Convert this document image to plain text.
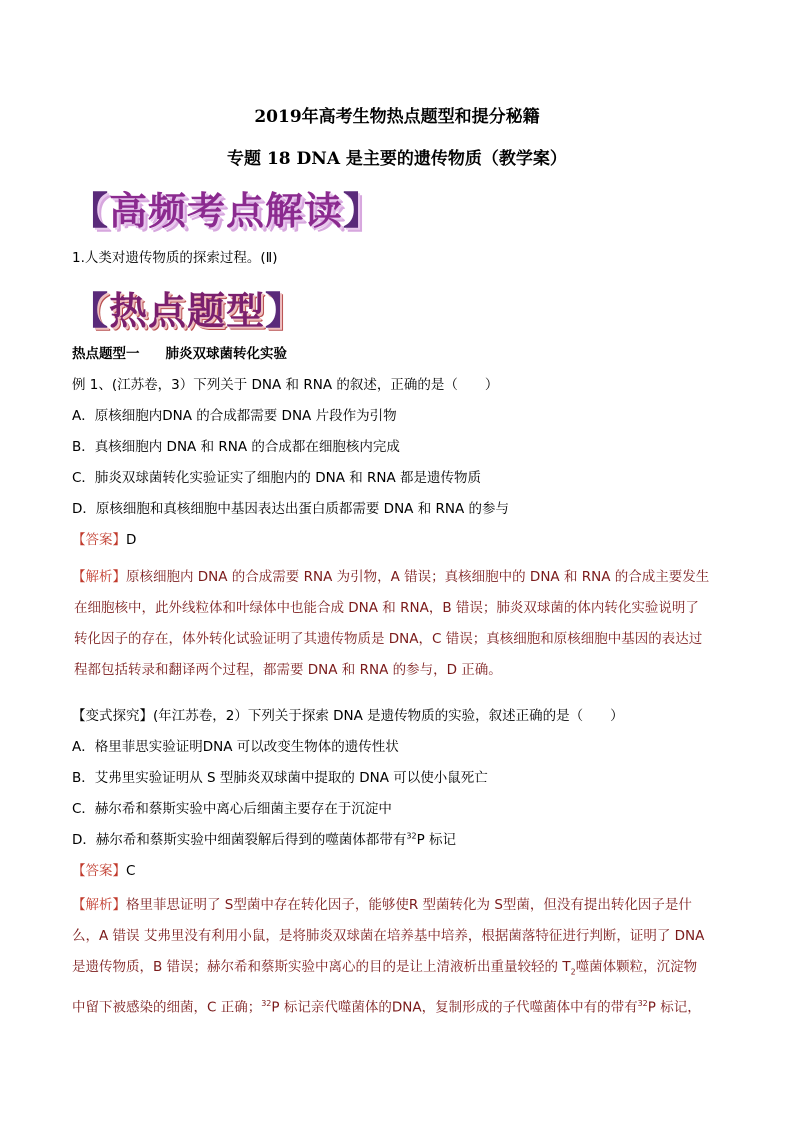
2019年高考生物热点题型和提分秘籍
专题 18 DNA 是主要的遗传物质（教学案）
【高频考点解读】
1.人类对遗传物质的探索过程。(Ⅱ)
【热点题型】
热点题型一 肺炎双球菌转化实验
例 1、(江苏卷，3）下列关于 DNA 和 RNA 的叙述，正确的是（　　）
A．原核细胞内DNA 的合成都需要 DNA 片段作为引物
B．真核细胞内 DNA 和 RNA 的合成都在细胞核内完成
C．肺炎双球菌转化实验证实了细胞内的 DNA 和 RNA 都是遗传物质
D．原核细胞和真核细胞中基因表达出蛋白质都需要 DNA 和 RNA 的参与
【答案】D
【解析】原核细胞内 DNA 的合成需要 RNA 为引物，A 错误；真核细胞中的 DNA 和 RNA 的合成主要发生
在细胞核中，此外线粒体和叶绿体中也能合成 DNA 和 RNA，B 错误；肺炎双球菌的体内转化实验说明了
转化因子的存在，体外转化试验证明了其遗传物质是 DNA，C 错误；真核细胞和原核细胞中基因的表达过
程都包括转录和翻译两个过程，都需要 DNA 和 RNA 的参与，D 正确。
【变式探究】(年江苏卷，2）下列关于探索 DNA 是遗传物质的实验，叙述正确的是（　　）
A．格里菲思实验证明DNA 可以改变生物体的遗传性状
B．艾弗里实验证明从 S 型肺炎双球菌中提取的 DNA 可以使小鼠死亡
C．赫尔希和蔡斯实验中离心后细菌主要存在于沉淀中
D．赫尔希和蔡斯实验中细菌裂解后得到的噬菌体都带有$^{32}$P 标记
【答案】C
【解析】格里菲思证明了 S型菌中存在转化因子，能够使R 型菌转化为 S型菌，但没有提出转化因子是什
么，A 错误 艾弗里没有利用小鼠，是将肺炎双球菌在培养基中培养，根据菌落特征进行判断，证明了 DNA
是遗传物质，B 错误；赫尔希和蔡斯实验中离心的目的是让上清液析出重量较轻的 $T_2$噬菌体颗粒，沉淀物
中留下被感染的细菌，C 正确；$^{32}$P 标记亲代噬菌体的DNA，复制形成的子代噬菌体中有的带有$^{32}$P 标记，
